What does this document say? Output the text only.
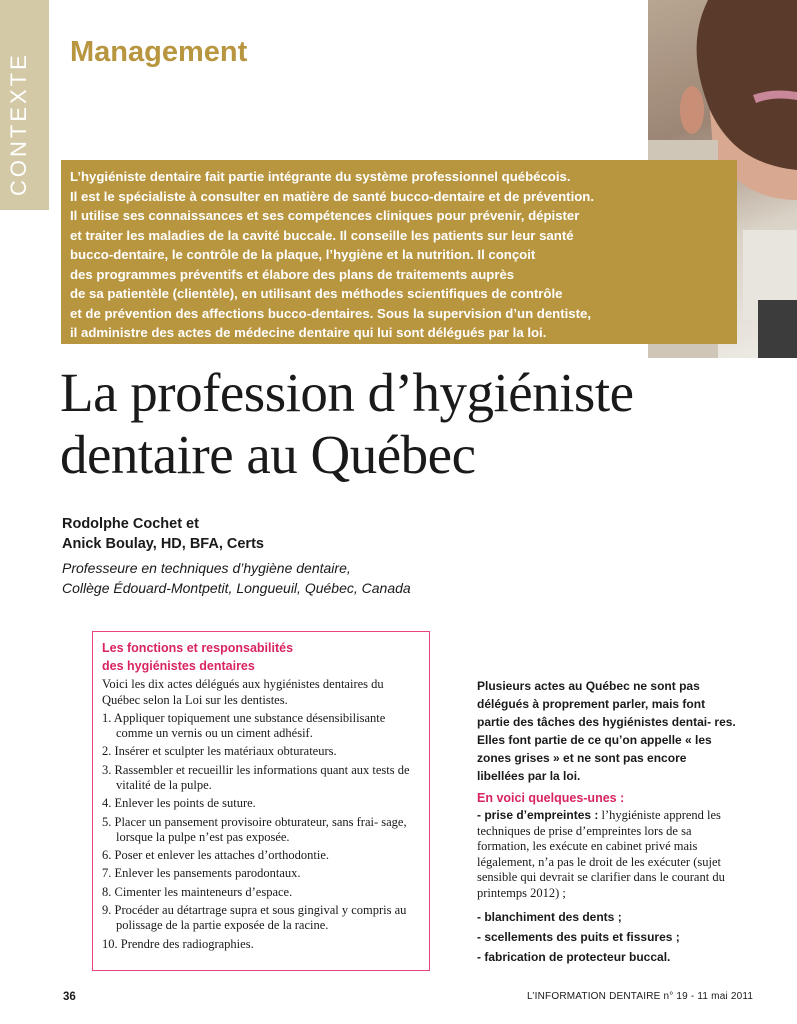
CONTEXTE
Management
L’hygiéniste dentaire fait partie intégrante du système professionnel québécois.
Il est le spécialiste à consulter en matière de santé bucco-dentaire et de prévention.
Il utilise ses connaissances et ses compétences cliniques pour prévenir, dépister
et traiter les maladies de la cavité buccale. Il conseille les patients sur leur santé
bucco-dentaire, le contrôle de la plaque, l’hygiène et la nutrition. Il conçoit
des programmes préventifs et élabore des plans de traitements auprès
de sa patientèle (clientèle), en utilisant des méthodes scientifiques de contrôle
et de prévention des affections bucco-dentaires. Sous la supervision d’un dentiste,
il administre des actes de médecine dentaire qui lui sont délégués par la loi.
La profession d’hygiéniste
dentaire au Québec
Rodolphe Cochet et
Anick Boulay, HD, BFA, Certs
Professeure en techniques d’hygiène dentaire,
Collège Édouard-Montpetit, Longueuil, Québec, Canada
Les fonctions et responsabilités
des hygiénistes dentaires
Voici les dix actes délégués aux hygiénistes dentaires du Québec selon la Loi sur les dentistes.
1. Appliquer topiquement une substance désensibilisante comme un vernis ou un ciment adhésif.
2. Insérer et sculpter les matériaux obturateurs.
3. Rassembler et recueillir les informations quant aux tests de vitalité de la pulpe.
4. Enlever les points de suture.
5. Placer un pansement provisoire obturateur, sans frai- sage, lorsque la pulpe n’est pas exposée.
6. Poser et enlever les attaches d’orthodontie.
7. Enlever les pansements parodontaux.
8. Cimenter les mainteneurs d’espace.
9. Procéder au détartrage supra et sous gingival y compris au polissage de la partie exposée de la racine.
10. Prendre des radiographies.
Plusieurs actes au Québec ne sont pas délégués à proprement parler, mais font partie des tâches des hygiénistes dentai- res. Elles font partie de ce qu’on appelle « les zones grises » et ne sont pas encore libellées par la loi.
En voici quelques-unes :
- prise d’empreintes : l’hygiéniste apprend les techniques de prise d’empreintes lors de sa formation, les exécute en cabinet privé mais légalement, n’a pas le droit de les exécuter (sujet sensible qui devrait se clarifier dans le courant du printemps 2012) ;
- blanchiment des dents ;
- scellements des puits et fissures ;
- fabrication de protecteur buccal.
36	L’INFORMATION DENTAIRE n° 19 - 11 mai 2011
